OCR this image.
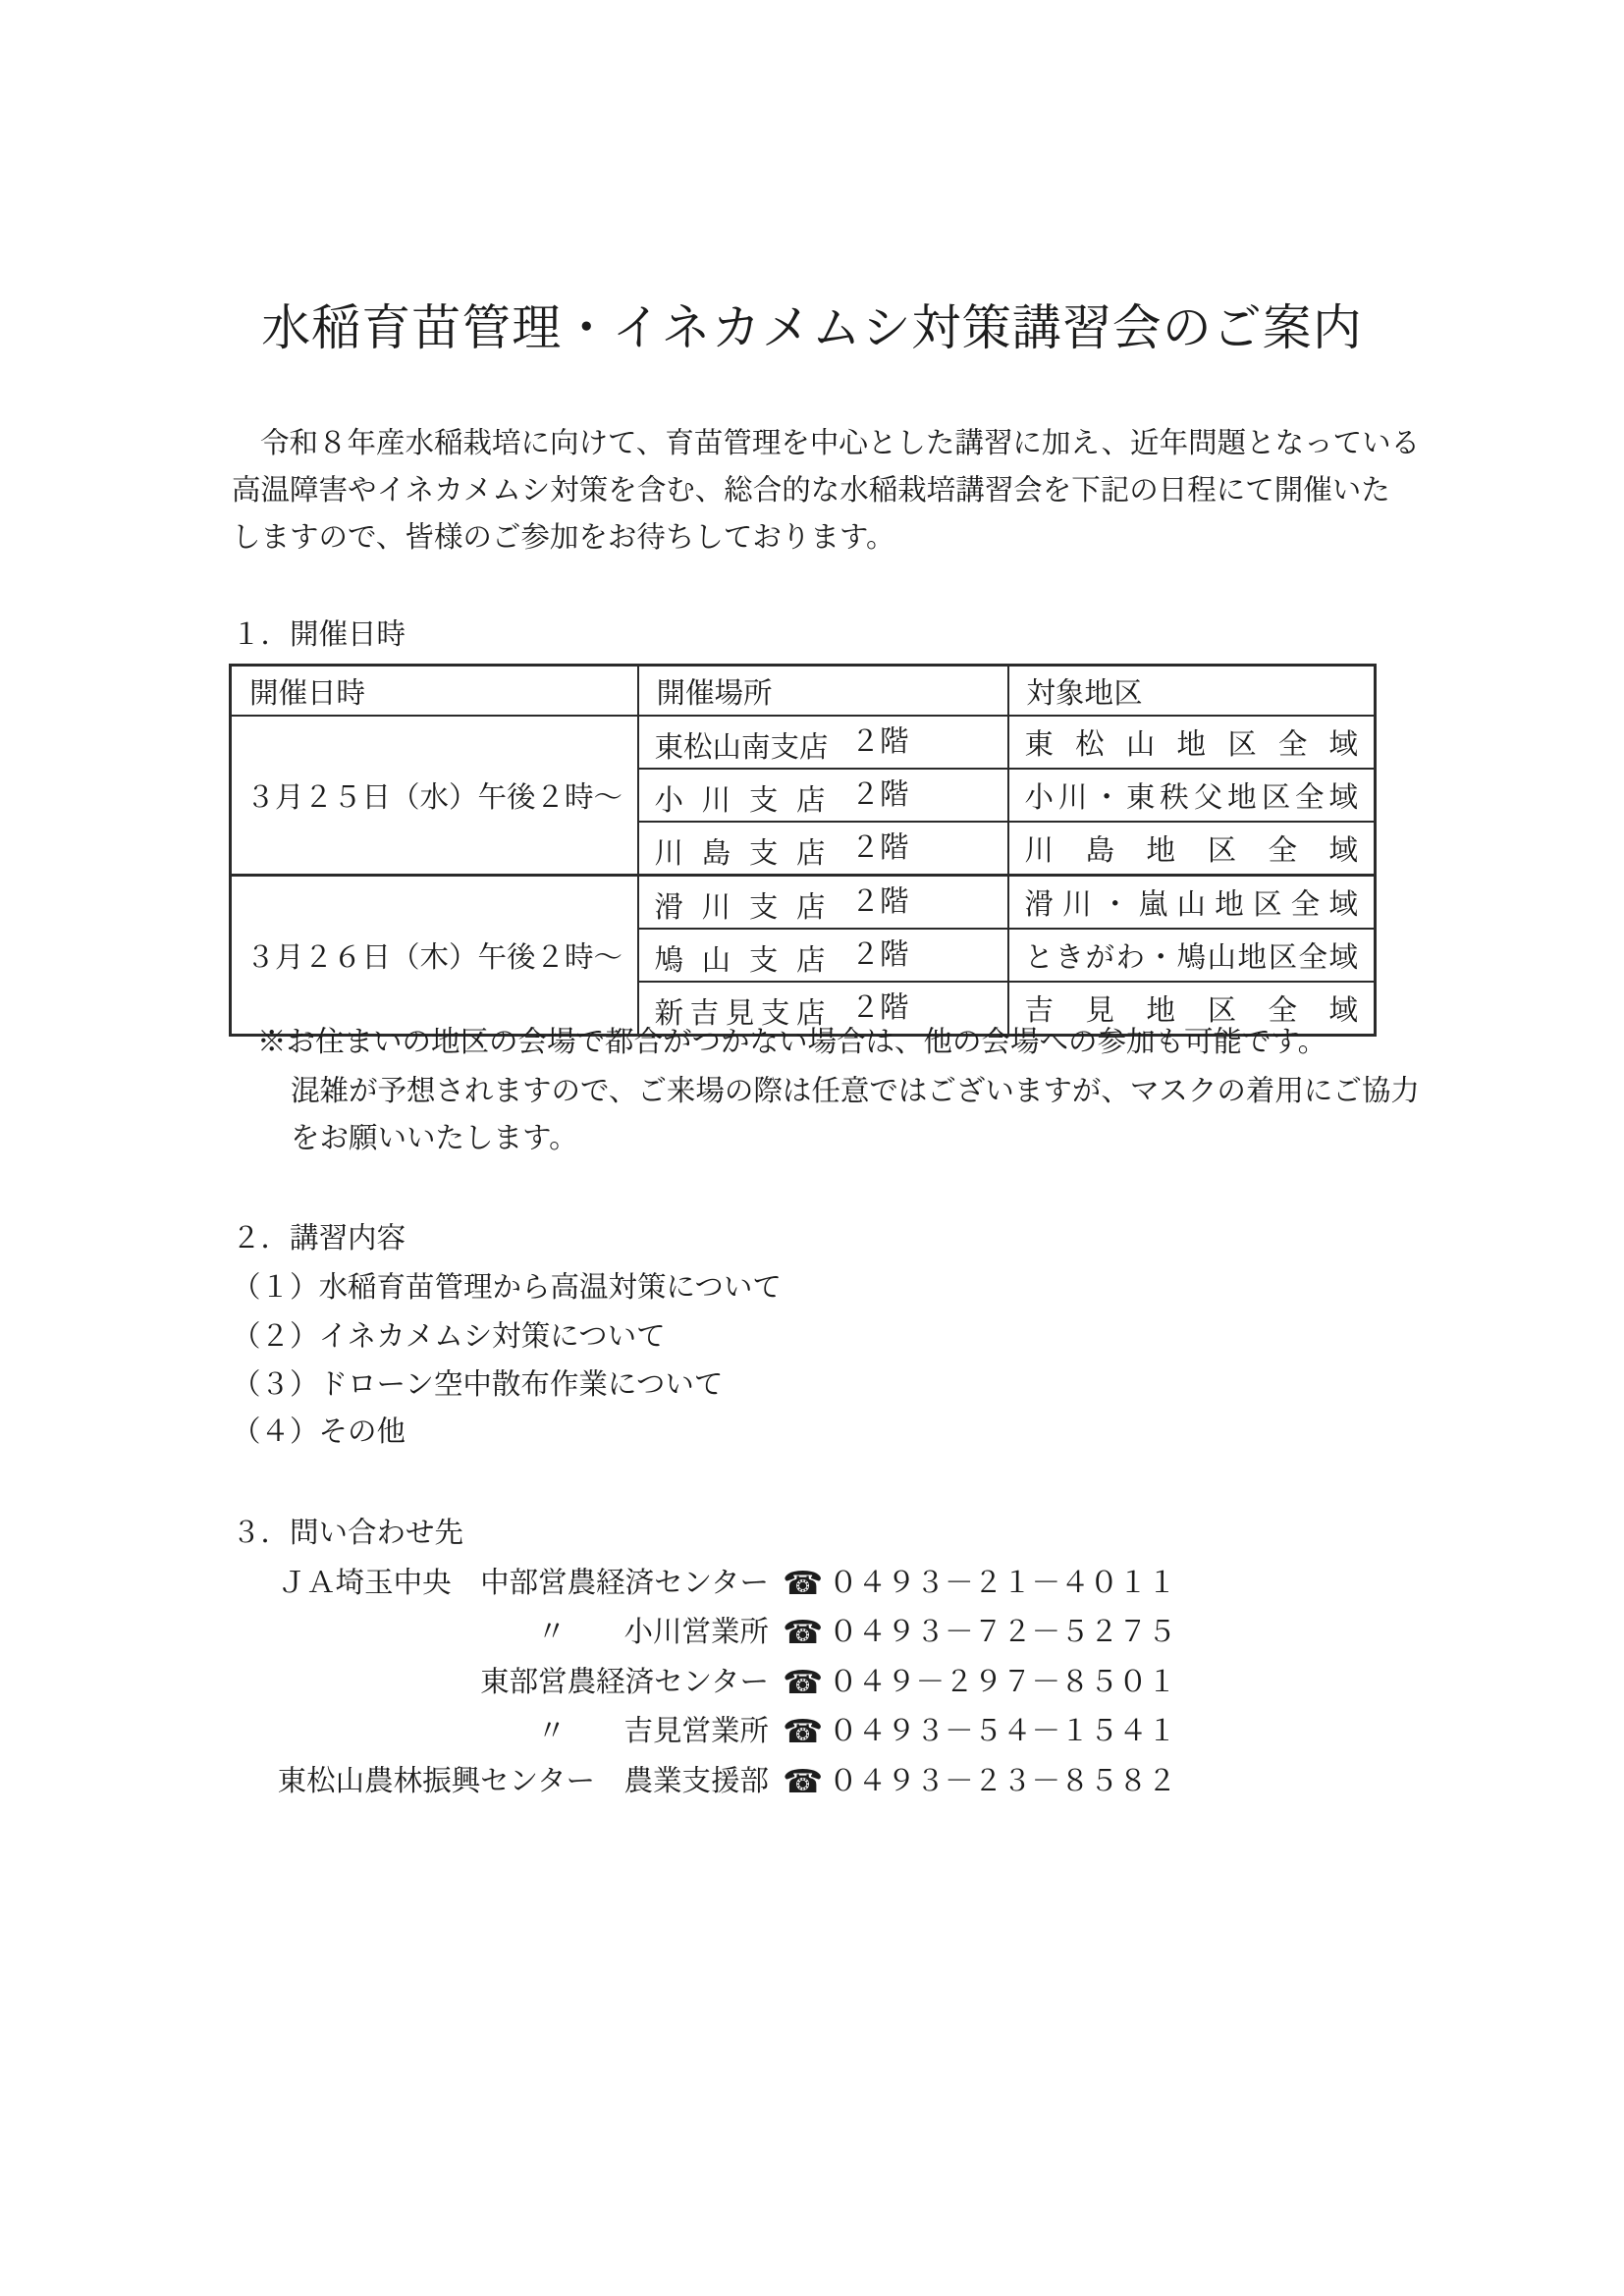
水稲育苗管理・イネカメムシ対策講習会のご案内
令和８年産水稲栽培に向けて、育苗管理を中心とした講習に加え、近年問題となっている
高温障害やイネカメムシ対策を含む、総合的な水稲栽培講習会を下記の日程にて開催いた
しますので、皆様のご参加をお待ちしております。
１．開催日時
開催日時	開催場所	対象地区
３月２５日（水）午後２時～	東松山南支店 ２階	東松山地区全域
	小川支店 ２階	小川・東秩父地区全域
	川島支店 ２階	川島地区全域
３月２６日（木）午後２時～	滑川支店 ２階	滑川・嵐山地区全域
	鳩山支店 ２階	ときがわ・鳩山地区全域
	新吉見支店 ２階	吉見地区全域
※お住まいの地区の会場で都合がつかない場合は、他の会場への参加も可能です。
混雑が予想されますので、ご来場の際は任意ではございますが、マスクの着用にご協力
をお願いいたします。
２．講習内容
（１）水稲育苗管理から高温対策について
（２）イネカメムシ対策について
（３）ドローン空中散布作業について
（４）その他
３．問い合わせ先
ＪＡ埼玉中央　中部営農経済センター ☎ ０４９３－２１－４０１１
〃　　小川営業所 ☎ ０４９３－７２－５２７５
東部営農経済センター ☎ ０４９－２９７－８５０１
〃　　吉見営業所 ☎ ０４９３－５４－１５４１
東松山農林振興センター　農業支援部 ☎ ０４９３－２３－８５８２
